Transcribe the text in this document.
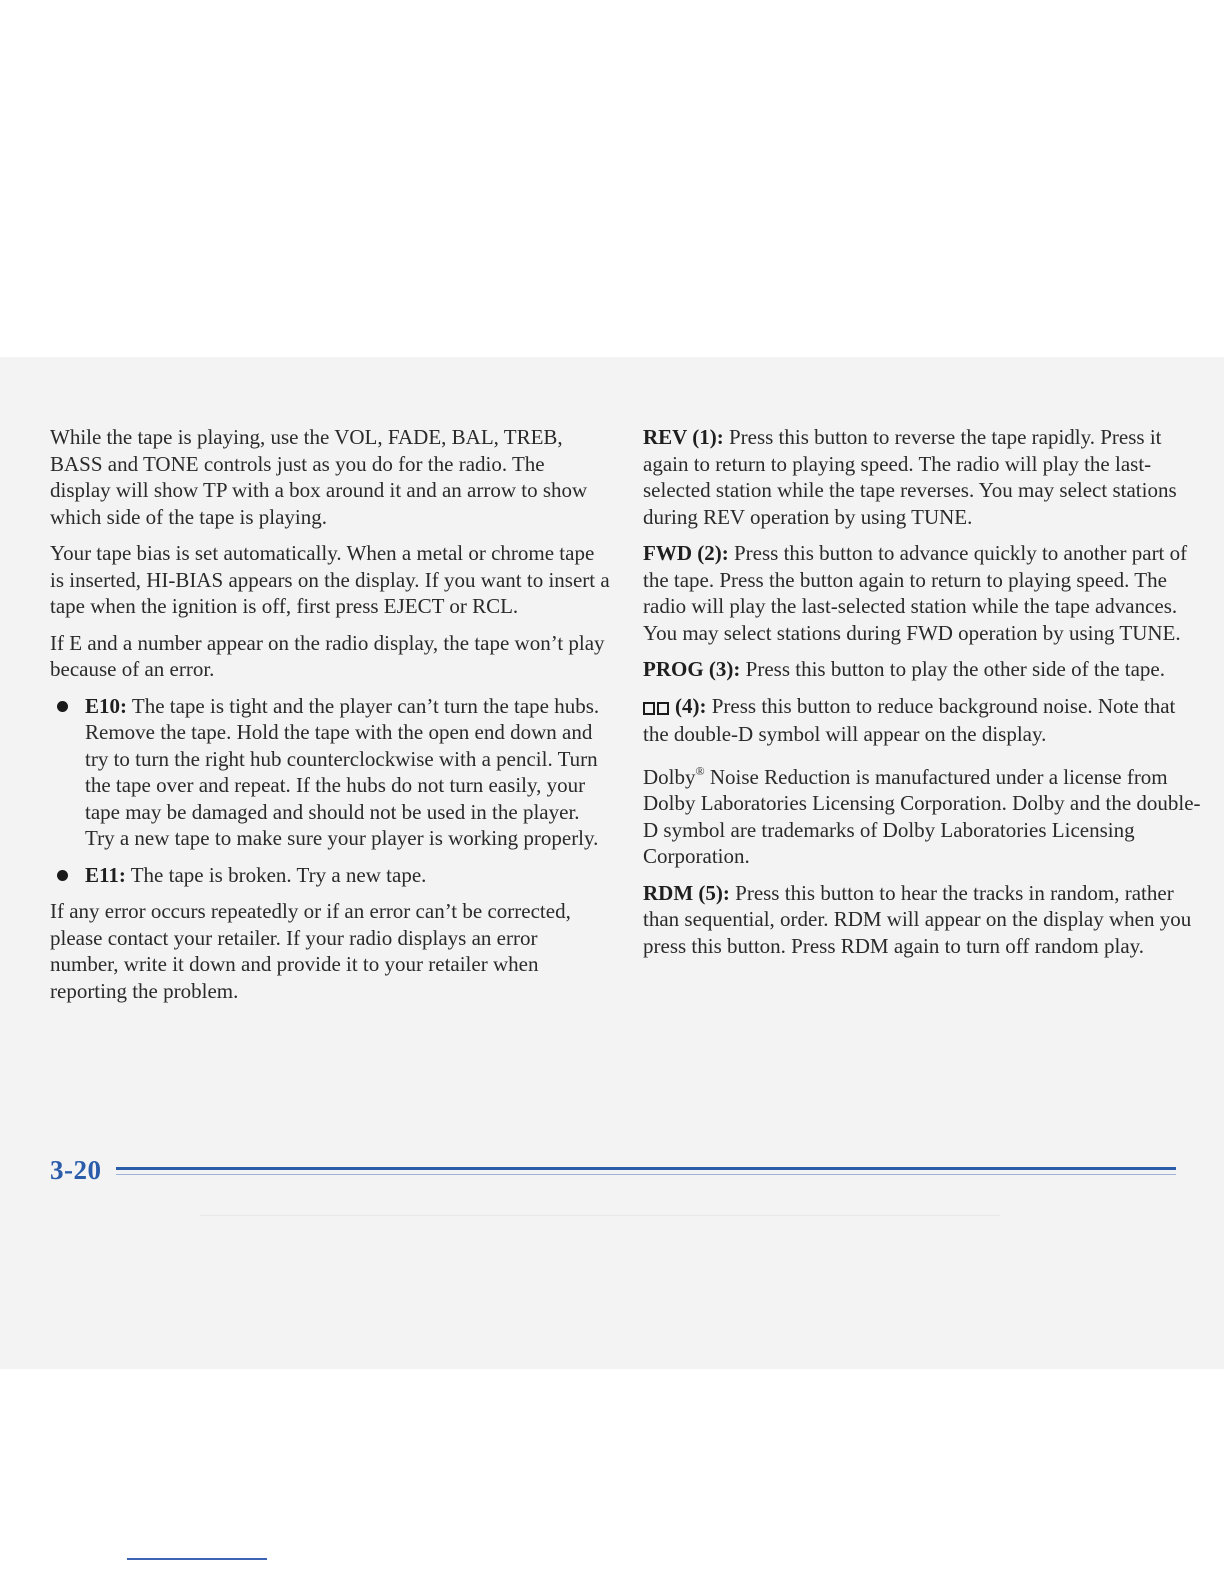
While the tape is playing, use the VOL, FADE, BAL, TREB, BASS and TONE controls just as you do for the radio. The display will show TP with a box around it and an arrow to show which side of the tape is playing.

Your tape bias is set automatically. When a metal or chrome tape is inserted, HI-BIAS appears on the display. If you want to insert a tape when the ignition is off, first press EJECT or RCL.

If E and a number appear on the radio display, the tape won’t play because of an error.

E10: The tape is tight and the player can’t turn the tape hubs. Remove the tape. Hold the tape with the open end down and try to turn the right hub counterclockwise with a pencil. Turn the tape over and repeat. If the hubs do not turn easily, your tape may be damaged and should not be used in the player. Try a new tape to make sure your player is working properly.
E11: The tape is broken. Try a new tape.

If any error occurs repeatedly or if an error can’t be corrected, please contact your retailer. If your radio displays an error number, write it down and provide it to your retailer when reporting the problem.

REV (1): Press this button to reverse the tape rapidly. Press it again to return to playing speed. The radio will play the last-selected station while the tape reverses. You may select stations during REV operation by using TUNE.

FWD (2): Press this button to advance quickly to another part of the tape. Press the button again to return to playing speed. The radio will play the last-selected station while the tape advances. You may select stations during FWD operation by using TUNE.

PROG (3): Press this button to play the other side of the tape.

(4): Press this button to reduce background noise. Note that the double-D symbol will appear on the display.

Dolby® Noise Reduction is manufactured under a license from Dolby Laboratories Licensing Corporation. Dolby and the double-D symbol are trademarks of Dolby Laboratories Licensing Corporation.

RDM (5): Press this button to hear the tracks in random, rather than sequential, order. RDM will appear on the display when you press this button. Press RDM again to turn off random play.

3-20
